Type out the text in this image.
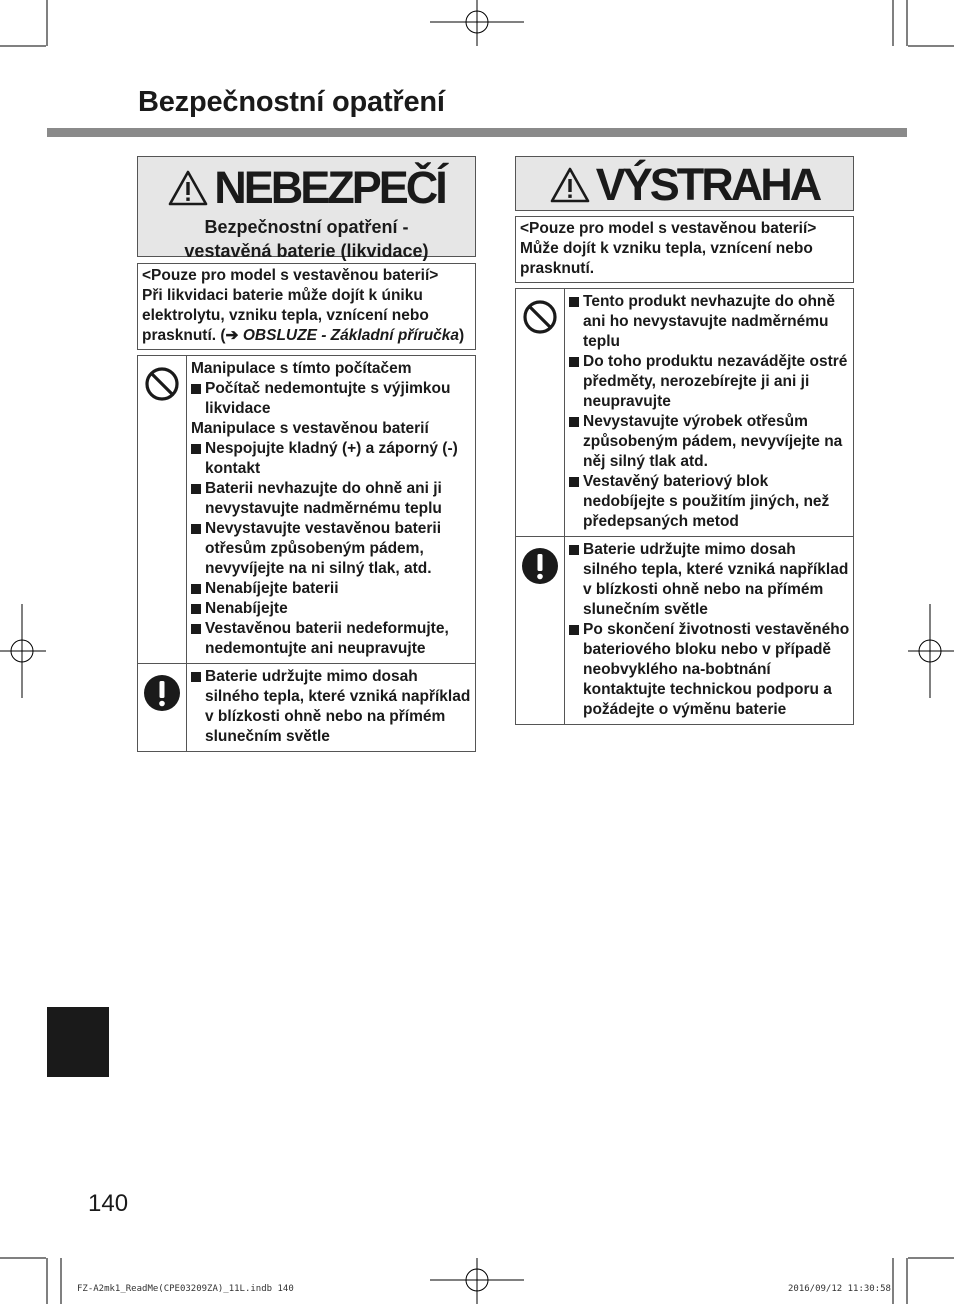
Bezpečnostní opatření
NEBEZPEČÍ
Bezpečnostní opatření -
vestavěná baterie (likvidace)
<Pouze pro model s vestavěnou baterií>
Při likvidaci baterie může dojít k úniku
elektrolytu, vzniku tepla, vznícení nebo
prasknutí. (➔ OBSLUZE - Základní příručka)
Manipulace s tímto počítačem
Počítač nedemontujte s výjimkou likvidace
Manipulace s vestavěnou baterií
Nespojujte kladný (+) a záporný (-) kontakt
Baterii nevhazujte do ohně ani ji nevystavujte nadměrnému teplu
Nevystavujte vestavěnou baterii otřesům způsobeným pádem, nevyvíjejte na ni silný tlak, atd.
Nenabíjejte baterii
Nenabíjejte
Vestavěnou baterii nedeformujte, nedemontujte ani neupravujte
Baterie udržujte mimo dosah silného tepla, které vzniká například v blízkosti ohně nebo na přímém slunečním světle
VÝSTRAHA
<Pouze pro model s vestavěnou baterií>
Může dojít k vzniku tepla, vznícení nebo
prasknutí.
Tento produkt nevhazujte do ohně ani ho nevystavujte nadměrnému teplu
Do toho produktu nezavádějte ostré předměty, nerozebírejte ji ani ji neupravujte
Nevystavujte výrobek otřesům způsobeným pádem, nevyvíjejte na něj silný tlak atd.
Vestavěný bateriový blok nedobíjejte s použitím jiných, než předepsaných metod
Baterie udržujte mimo dosah silného tepla, které vzniká například v blízkosti ohně nebo na přímém slunečním světle
Po skončení životnosti vestavěného bateriového bloku nebo v případě neobvyklého na-bobtnání kontaktujte technickou podporu a požádejte o výměnu baterie
140
FZ-A2mk1_ReadMe(CPE03209ZA)_11L.indb 140	2016/09/12 11:30:58
